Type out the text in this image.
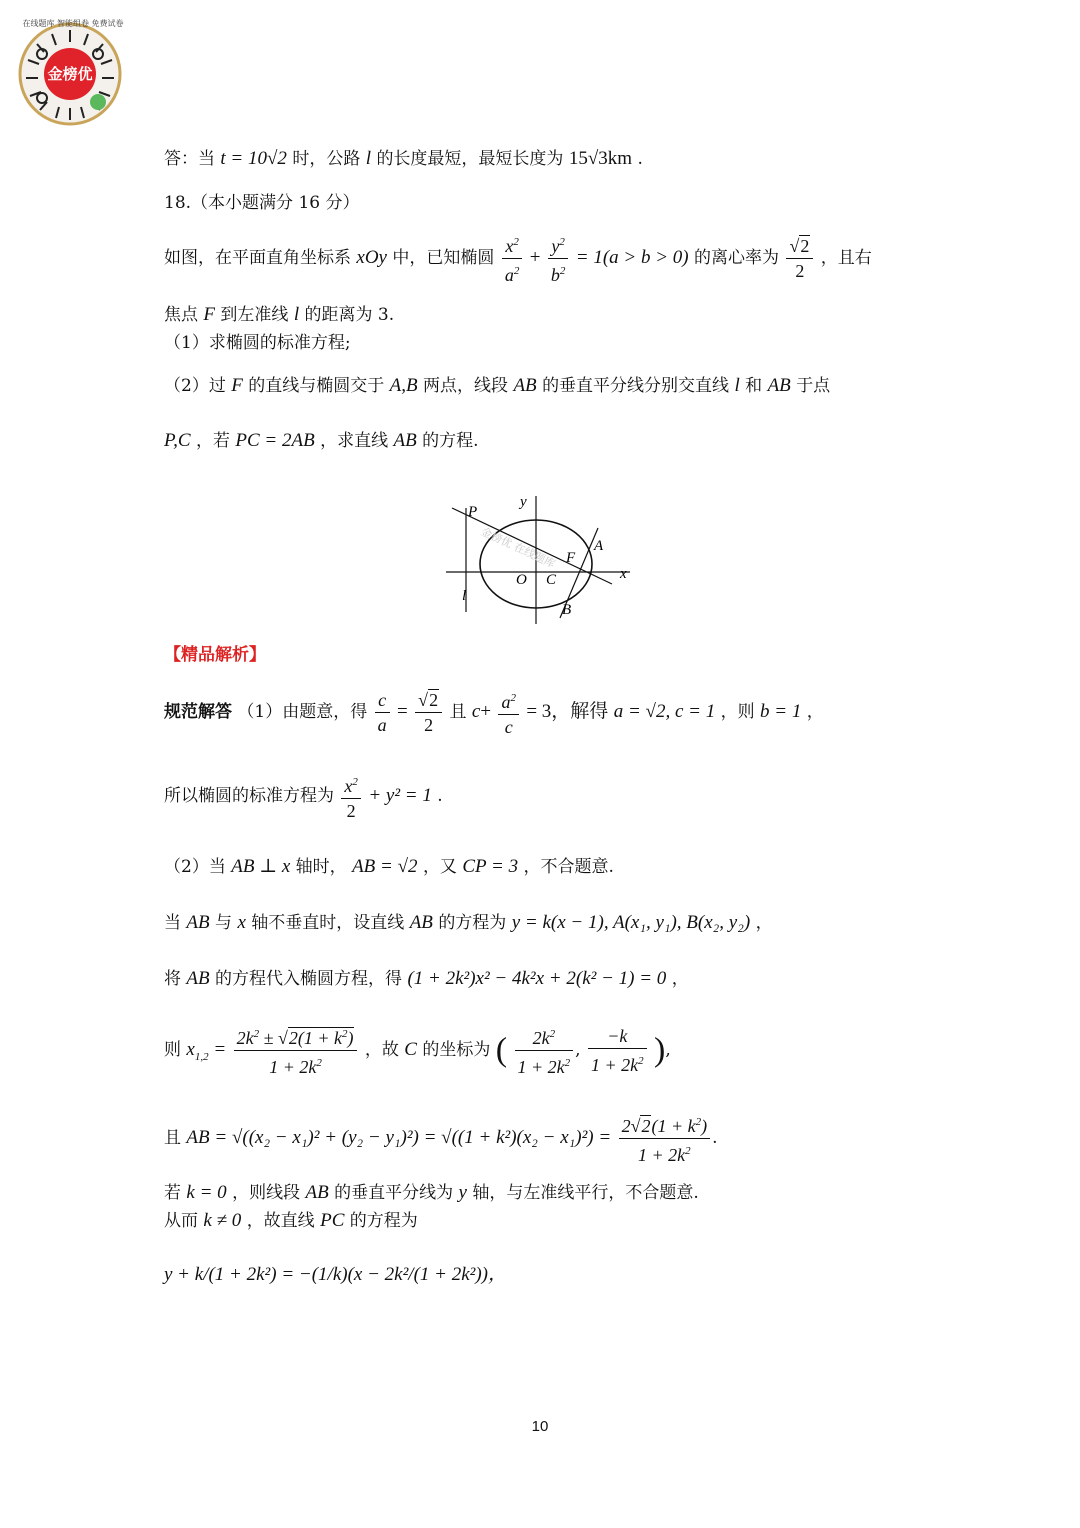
金榜优
在线题库 智能组卷 免费试卷
答：当 t = 10√2 时，公路 l 的长度最短，最短长度为 15√3km .
18.（本小题满分 16 分）
如图，在平面直角坐标系 xOy 中，已知椭圆 $\frac{x^2}{a^2} + \frac{y^2}{b^2} = 1(a > b > 0)$ 的离心率为 $\frac{√2}{2}$ ，且右
焦点 F 到左准线 l 的距离为 3.
（1）求椭圆的标准方程;
（2）过 F 的直线与椭圆交于 A,B 两点，线段 AB 的垂直平分线分别交直线 l 和 AB 于点
P,C ，若 PC = 2AB ，求直线 AB 的方程.
P
y
F
A
O C	x
l
B
金榜优 在线题库
【精品解析】
规范解答 （1）由题意，得 $\frac{c}{a} = \frac{√2}{2}$ 且 $c+ \frac{a^2}{c} = 3$，解得 a = √2, c = 1 ，则 b = 1 ，
所以椭圆的标准方程为 $\frac{x^2}{2} + y^2 = 1$ .
（2）当 AB ⊥ x 轴时， AB = √2 ，又 CP = 3 ，不合题意.
当 AB 与 x 轴不垂直时，设直线 AB 的方程为 y = k(x − 1), A(x₁, y₁), B(x₂, y₂) ，
将 AB 的方程代入椭圆方程，得 (1 + 2k²)x² − 4k²x + 2(k² − 1) = 0 ，
则 $x_{1,2} = \frac{2k^2 \pm √2(1 + k^2)}{1 + 2k^2}$ ，故 C 的坐标为 ( $\frac{2k^2}{1 + 2k^2}$ , $\frac{-k}{1 + 2k^2}$ ),
且 AB = $√((x_2 - x_1)^2 + (y_2 - y_1)^2) = √((1 + k^2)(x_2 - x_1)^2) = \frac{2√2(1 + k^2)}{1 + 2k^2}$ .
若 k = 0 ，则线段 AB 的垂直平分线为 y 轴，与左准线平行，不合题意.
从而 k ≠ 0 ，故直线 PC 的方程为
y + k/(1 + 2k²) = −(1/k)(x − 2k²/(1 + 2k²))，
10
